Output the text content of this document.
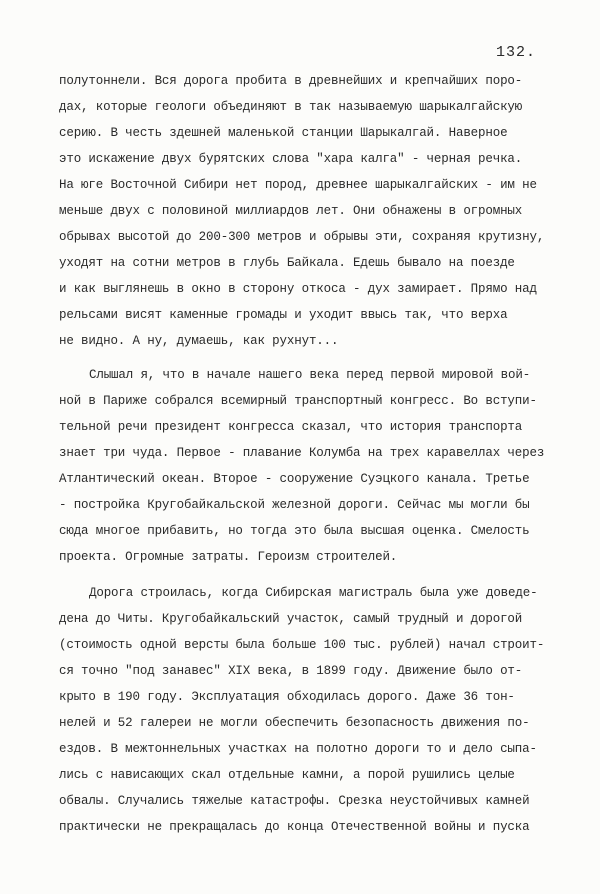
132.
полутоннели. Вся дорога пробита в древнейших и крепчайших поро-
дах, которые геологи объединяют в так называемую шарыкалгайскую
серию. В честь здешней маленькой станции Шарыкалгай. Наверное
это искажение двух бурятских слова "хара калга" - черная речка.
На юге Восточной Сибири нет пород, древнее шарыкалгайских - им не
меньше двух с половиной миллиардов лет. Они обнажены в огромных
обрывах высотой до 200-300 метров и обрывы эти, сохраняя крутизну,
уходят на сотни метров в глубь Байкала. Едешь бывало на поезде
и как выглянешь в окно в сторону откоса - дух замирает. Прямо над
рельсами висят каменные громады и уходит ввысь так, что верха
не видно. А ну, думаешь, как рухнут...
Слышал я, что в начале нашего века перед первой мировой вой-
ной в Париже собрался всемирный транспортный конгресс. Во вступи-
тельной речи президент конгресса сказал, что история транспорта
знает три чуда. Первое - плавание Колумба на трех каравеллах через
Атлантический океан. Второе - сооружение Суэцкого канала. Третье
- постройка Кругобайкальской железной дороги. Сейчас мы могли бы
сюда многое прибавить, но тогда это была высшая оценка. Смелость
проекта. Огромные затраты. Героизм строителей.
Дорога строилась, когда Сибирская магистраль была уже доведе-
дена до Читы. Кругобайкальский участок, самый трудный и дорогой
(стоимость одной версты была больше 100 тыс. рублей) начал строит-
ся точно "под занавес" XIX века, в 1899 году. Движение было от-
крыто в 190 году. Эксплуатация обходилась дорого. Даже 36 тон-
нелей и 52 галереи не могли обеспечить безопасность движения по-
ездов. В межтоннельных участках на полотно дороги то и дело сыпа-
лись с нависающих скал отдельные камни, а порой рушились целые
обвалы. Случались тяжелые катастрофы. Срезка неустойчивых камней
практически не прекращалась до конца Отечественной войны и пуска
